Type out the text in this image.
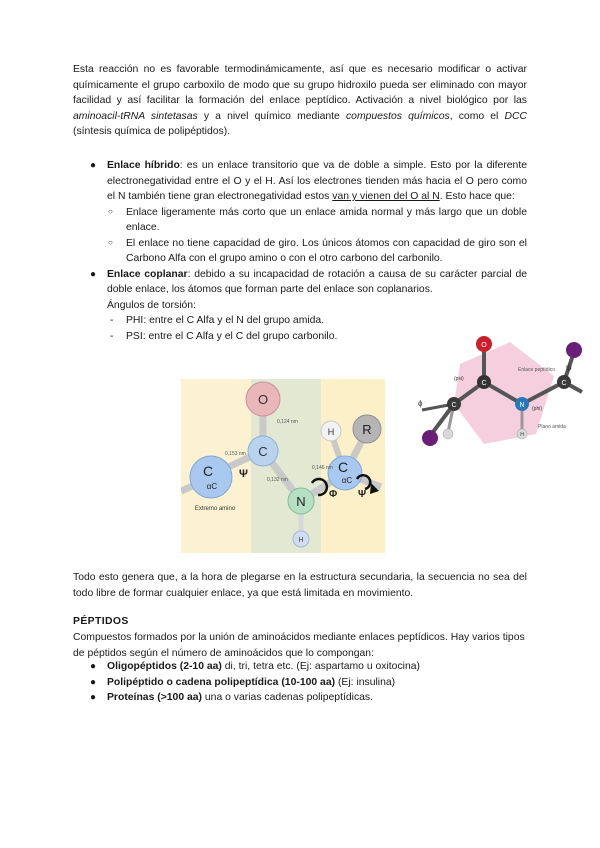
Esta reacción no es favorable termodinámicamente, así que es necesario modificar o activar químicamente el grupo carboxilo de modo que su grupo hidroxilo pueda ser eliminado con mayor facilidad y así facilitar la formación del enlace peptídico. Activación a nivel biológico por las aminoacil-tRNA sintetasas y a nivel químico mediante compuestos químicos, como el DCC (síntesis química de polipéptidos).

● Enlace híbrido: es un enlace transitorio que va de doble a simple. Esto por la diferente electronegatividad entre el O y el H. Así los electrones tienden más hacia el O pero como el N también tiene gran electronegatividad estos van y vienen del O al N. Esto hace que:
○ Enlace ligeramente más corto que un enlace amida normal y más largo que un doble enlace.
○ El enlace no tiene capacidad de giro. Los únicos átomos con capacidad de giro son el Carbono Alfa con el grupo amino o con el otro carbono del carbonilo.
● Enlace coplanar: debido a su incapacidad de rotación a causa de su carácter parcial de doble enlace, los átomos que forman parte del enlace son coplanarios.
Ángulos de torsión:
- PHI: entre el C Alfa y el N del grupo amida.
- PSI: entre el C Alfa y el C del grupo carbonilo.
O
C
C
αC
N
H
H R
C
αC
0,124 nm
0,153 nm
0,132 nm
0,146 nm
Ψ
Φ Ψ
Extremo amino
O
C
C	N
C
H
(psi)
(phi)
Enlace peptídico
Plano amida
ϕ
ψ

Todo esto genera que, a la hora de plegarse en la estructura secundaria, la secuencia no sea del todo libre de formar cualquier enlace, ya que está limitada en movimiento.

PÉPTIDOS

Compuestos formados por la unión de aminoácidos mediante enlaces peptídicos. Hay varios tipos de péptidos según el número de aminoácidos que lo compongan:

● Oligopéptidos (2-10 aa) di, tri, tetra etc. (Ej: aspartamo u oxitocina)
● Polipéptido o cadena polipeptídica (10-100 aa) (Ej: insulina)
● Proteínas (>100 aa) una o varias cadenas polipeptídicas.
